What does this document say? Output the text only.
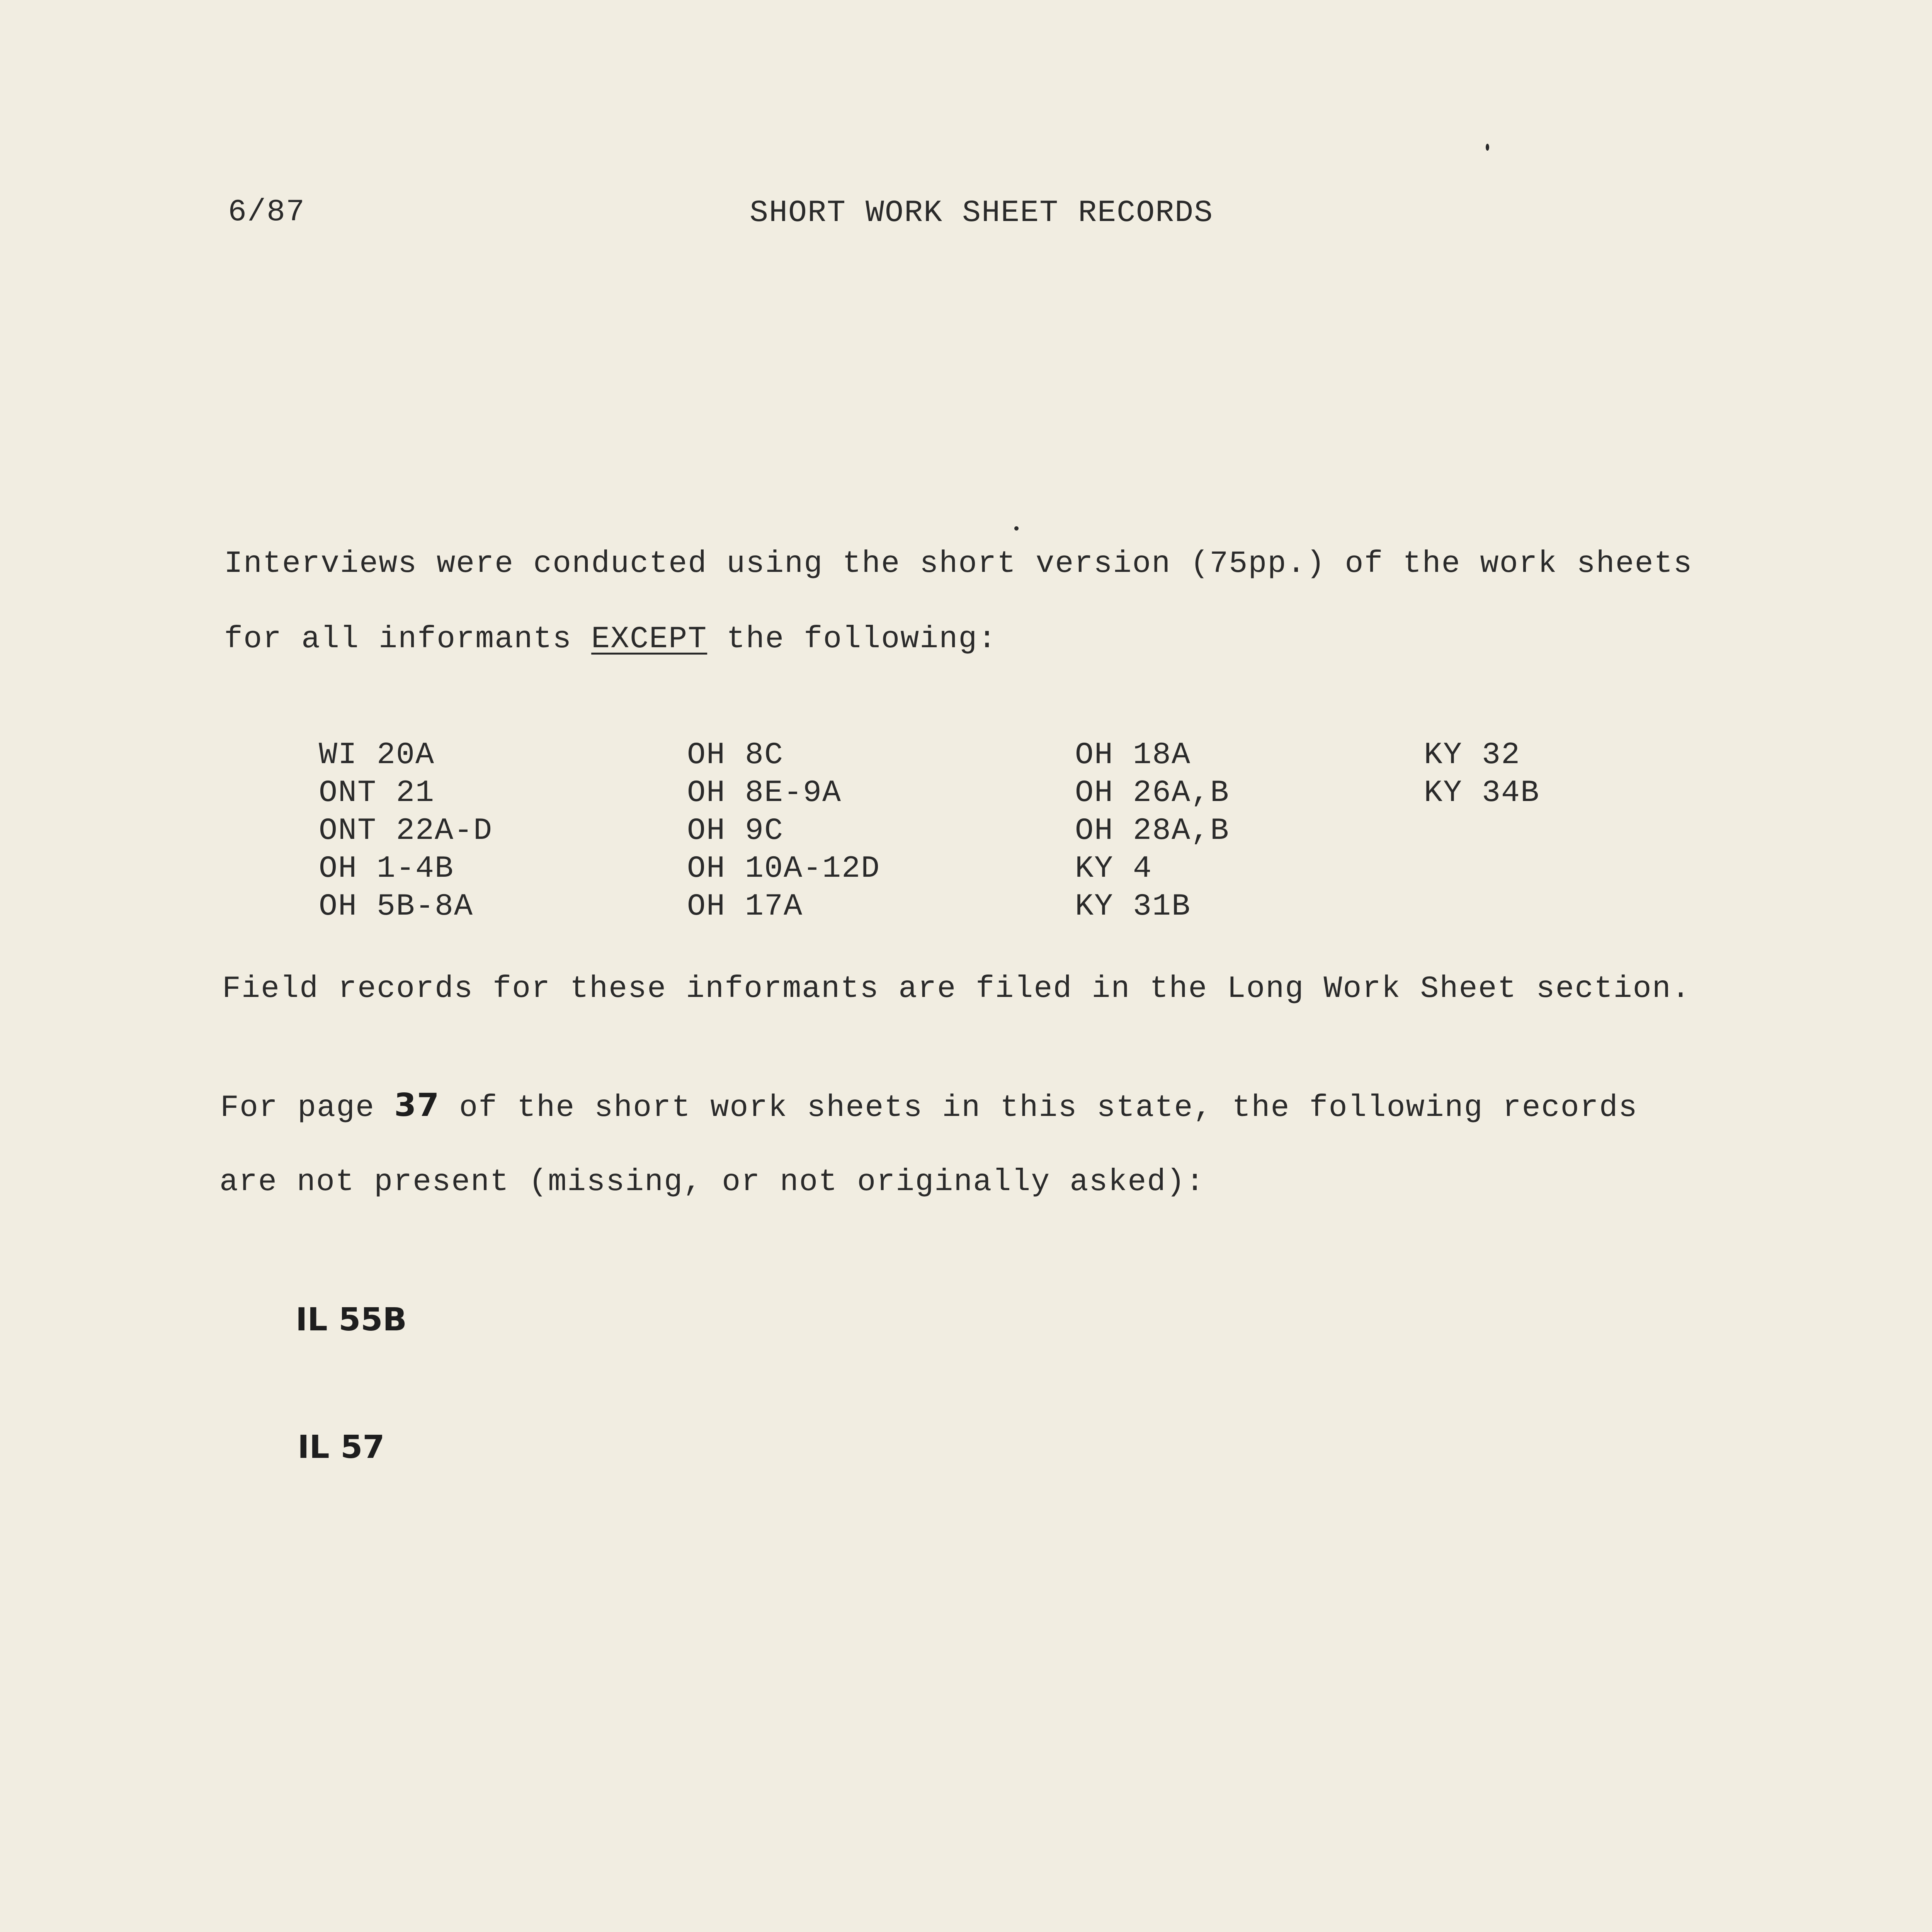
6/87	SHORT WORK SHEET RECORDS
Interviews were conducted using the short version (75pp.) of the work sheets
for all informants EXCEPT the following:
WI 20A
ONT 21
ONT 22A-D
OH 1-4B
OH 5B-8A
OH 8C
OH 8E-9A
OH 9C
OH 10A-12D
OH 17A
OH 18A
OH 26A,B
OH 28A,B
KY 4
KY 31B
KY 32
KY 34B
Field records for these informants are filed in the Long Work Sheet section.
For page 37 of the short work sheets in this state, the following records
are not present (missing, or not originally asked):
IL 55B
IL 57
